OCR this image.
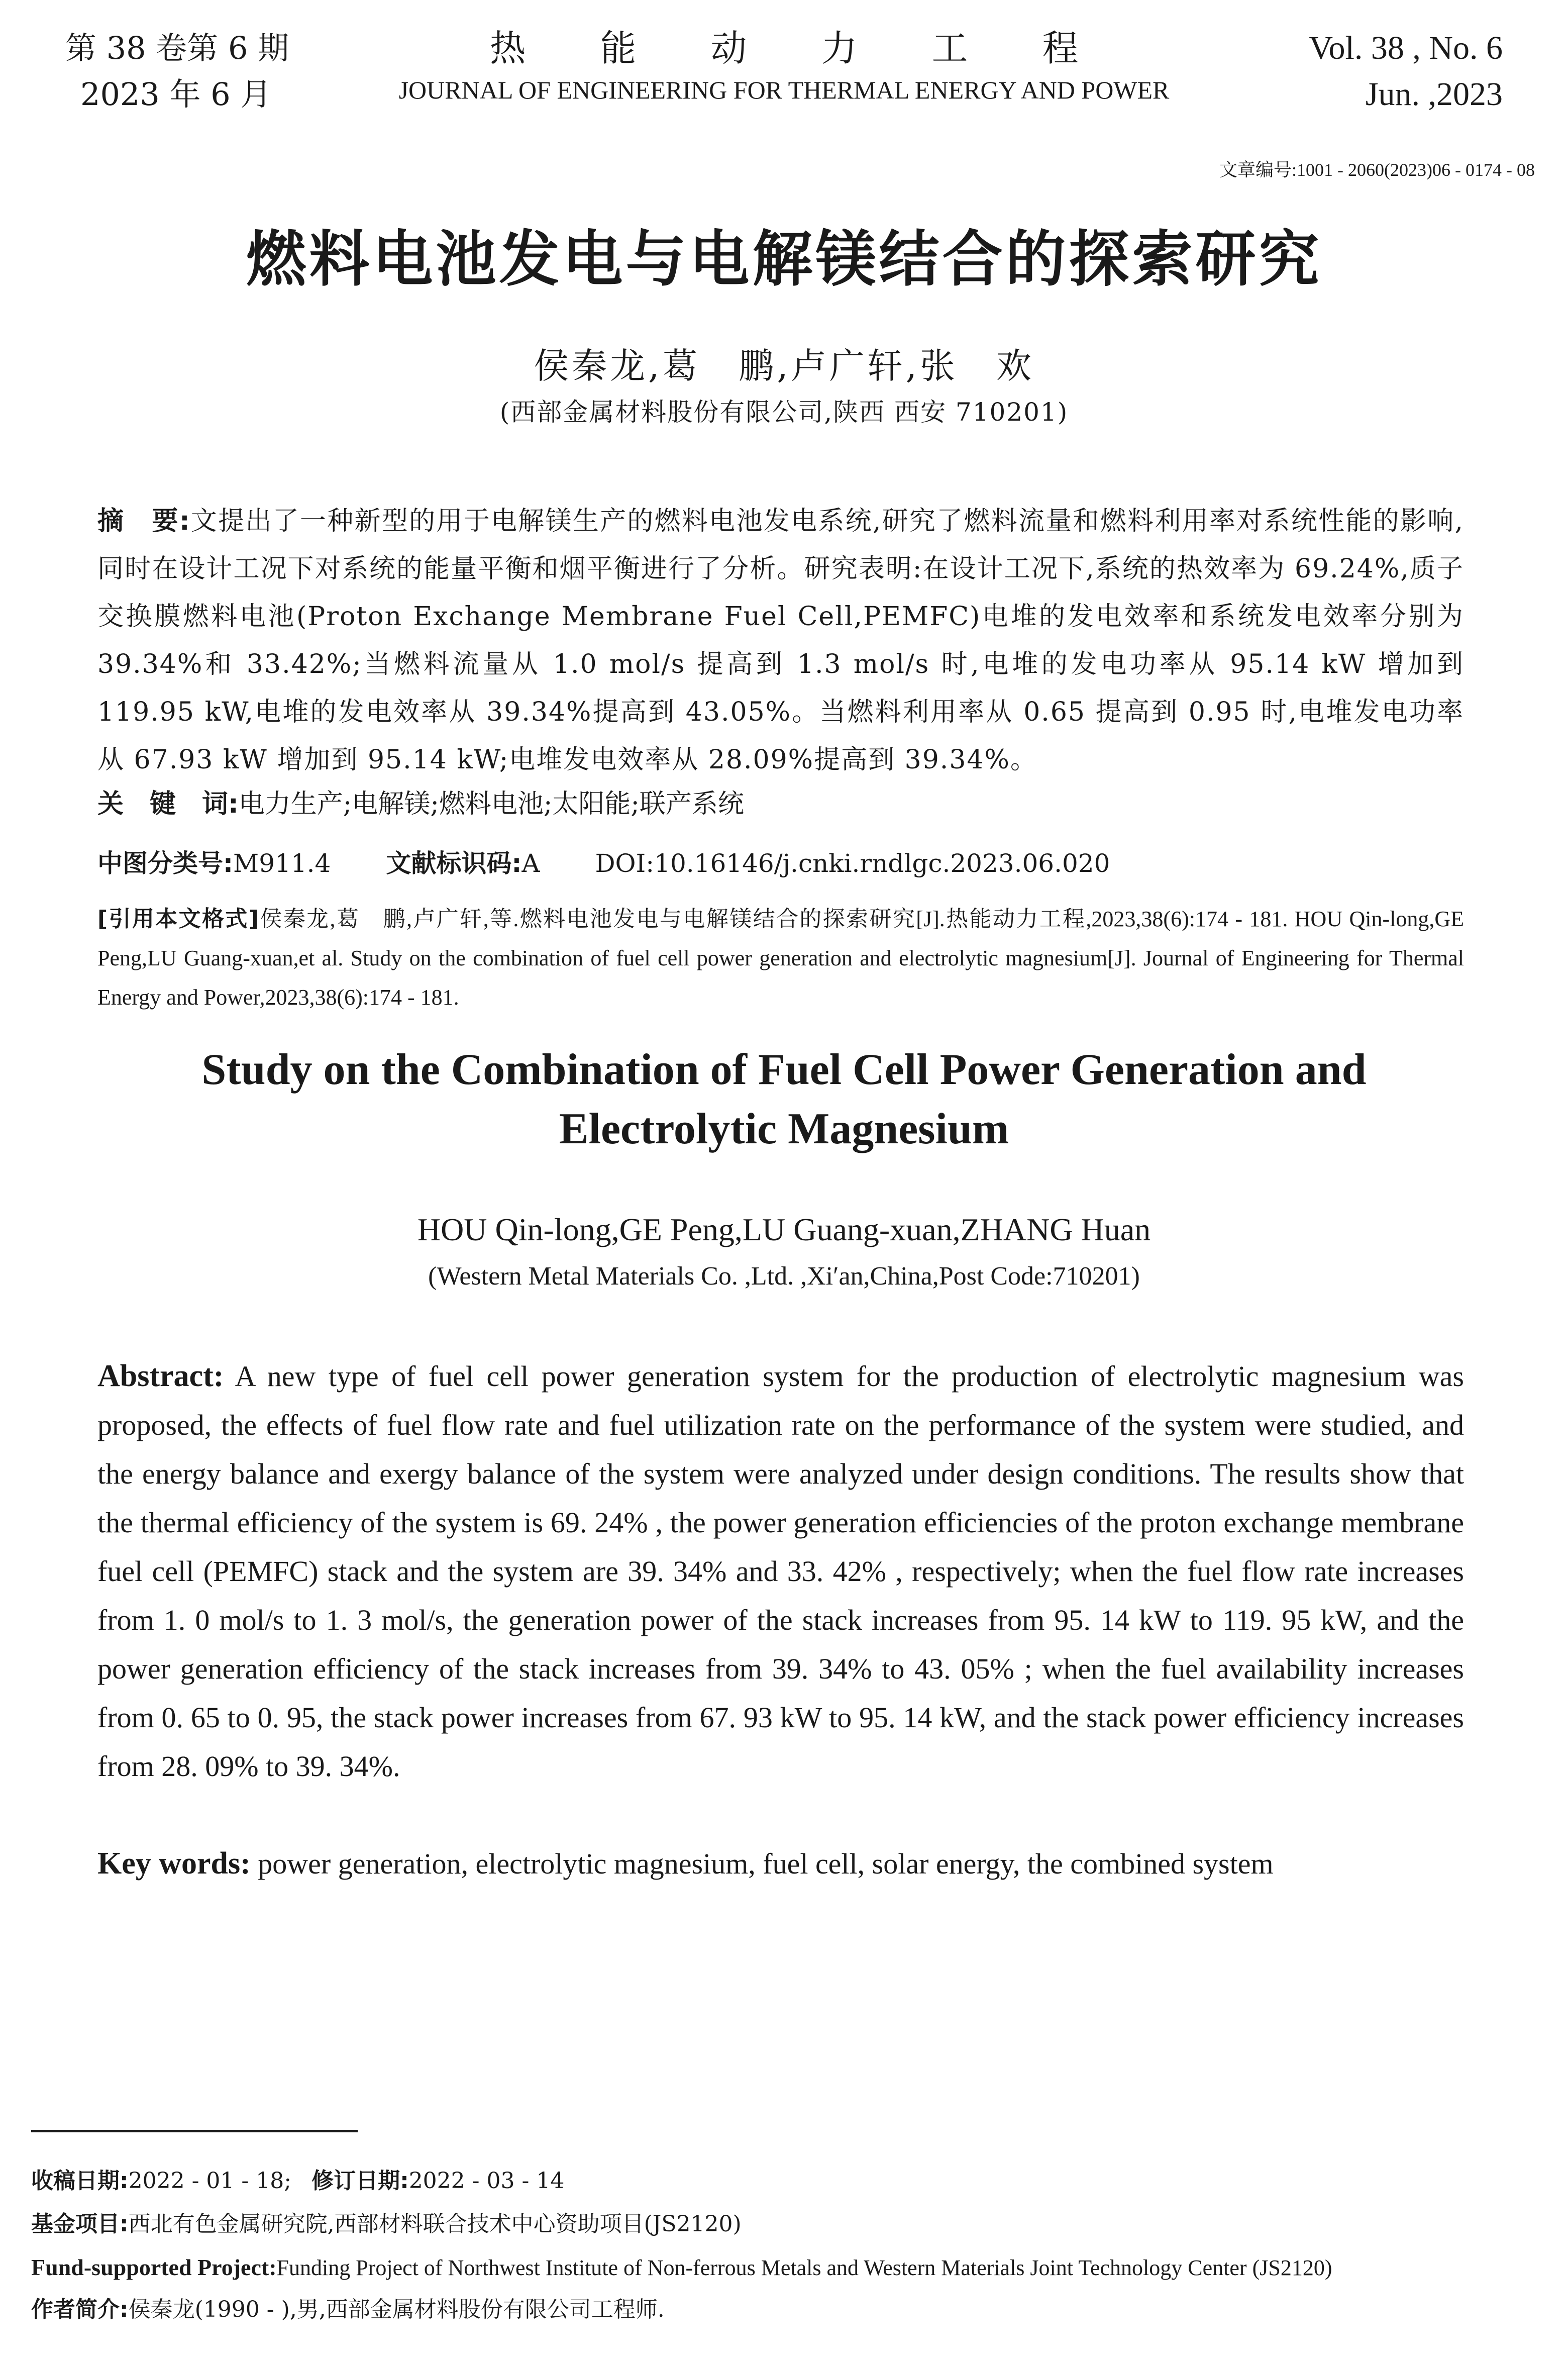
第 38 卷第 6 期
2023 年 6 月
热能动力工程
JOURNAL OF ENGINEERING FOR THERMAL ENERGY AND POWER
Vol. 38 , No. 6
Jun. ,2023
文章编号:1001 - 2060(2023)06 - 0174 - 08
燃料电池发电与电解镁结合的探索研究
侯秦龙,葛　鹏,卢广轩,张　欢
(西部金属材料股份有限公司,陕西 西安 710201)
摘　要:文提出了一种新型的用于电解镁生产的燃料电池发电系统,研究了燃料流量和燃料利用率对系统性能的影响,同时在设计工况下对系统的能量平衡和烟平衡进行了分析。研究表明:在设计工况下,系统的热效率为 69.24%,质子交换膜燃料电池(Proton Exchange Membrane Fuel Cell,PEMFC)电堆的发电效率和系统发电效率分别为 39.34%和 33.42%;当燃料流量从 1.0 mol/s 提高到 1.3 mol/s 时,电堆的发电功率从 95.14 kW 增加到 119.95 kW,电堆的发电效率从 39.34%提高到 43.05%。当燃料利用率从 0.65 提高到 0.95 时,电堆发电功率从 67.93 kW 增加到 95.14 kW;电堆发电效率从 28.09%提高到 39.34%。
关　键　词:电力生产;电解镁;燃料电池;太阳能;联产系统
中图分类号:M911.4 文献标识码:A DOI:10.16146/j.cnki.rndlgc.2023.06.020
[引用本文格式]侯秦龙,葛　鹏,卢广轩,等.燃料电池发电与电解镁结合的探索研究[J].热能动力工程,2023,38(6):174 - 181. HOU Qin-long,GE Peng,LU Guang-xuan,et al. Study on the combination of fuel cell power generation and electrolytic magnesium[J]. Journal of Engineering for Thermal Energy and Power,2023,38(6):174 - 181.
Study on the Combination of Fuel Cell Power Generation and
Electrolytic Magnesium
HOU Qin-long,GE Peng,LU Guang-xuan,ZHANG Huan
(Western Metal Materials Co. ,Ltd. ,Xi′an,China,Post Code:710201)
Abstract: A new type of fuel cell power generation system for the production of electrolytic magnesium was proposed, the effects of fuel flow rate and fuel utilization rate on the performance of the system were studied, and the energy balance and exergy balance of the system were analyzed under design conditions. The results show that the thermal efficiency of the system is 69. 24% , the power generation efficiencies of the proton exchange membrane fuel cell (PEMFC) stack and the system are 39. 34% and 33. 42% , respectively; when the fuel flow rate increases from 1. 0 mol/s to 1. 3 mol/s, the generation power of the stack increases from 95. 14 kW to 119. 95 kW, and the power generation efficiency of the stack increases from 39. 34% to 43. 05% ; when the fuel availability increases from 0. 65 to 0. 95, the stack power increases from 67. 93 kW to 95. 14 kW, and the stack power efficiency increases from 28. 09% to 39. 34%.
Key words: power generation, electrolytic magnesium, fuel cell, solar energy, the combined system
收稿日期:2022 - 01 - 18; 修订日期:2022 - 03 - 14
基金项目:西北有色金属研究院,西部材料联合技术中心资助项目(JS2120)
Fund-supported Project:Funding Project of Northwest Institute of Non-ferrous Metals and Western Materials Joint Technology Center (JS2120)
作者简介:侯秦龙(1990 - ),男,西部金属材料股份有限公司工程师.
